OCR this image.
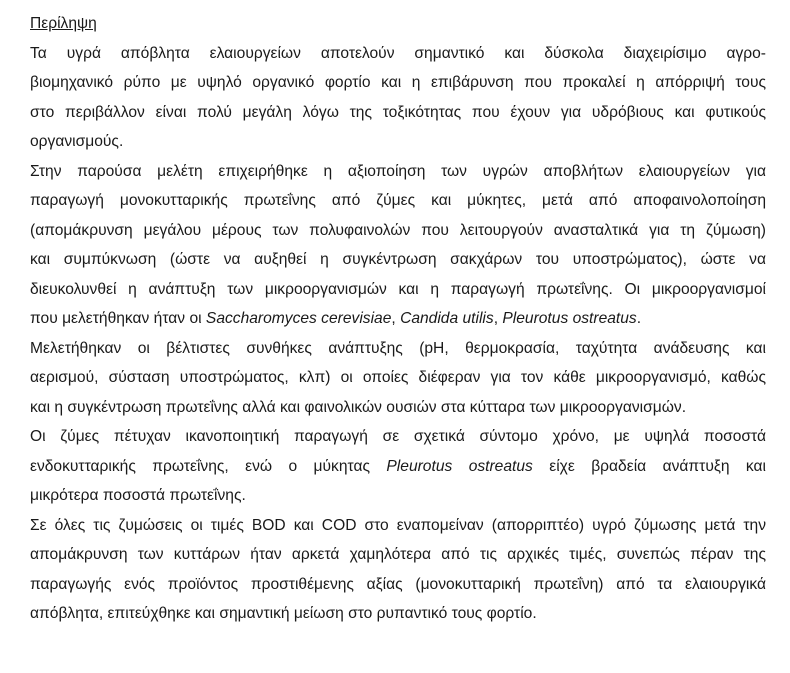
Περίληψη

Τα υγρά απόβλητα ελαιουργείων αποτελούν σημαντικό και δύσκολα διαχειρίσιμο αγρο-
βιομηχανικό ρύπο με υψηλό οργανικό φορτίο και η επιβάρυνση που προκαλεί η απόρριψή τους
στο περιβάλλον είναι πολύ μεγάλη λόγω της τοξικότητας που έχουν για υδρόβιους και φυτικούς
οργανισμούς.

Στην παρούσα μελέτη επιχειρήθηκε η αξιοποίηση των υγρών αποβλήτων ελαιουργείων για
παραγωγή μονοκυτταρικής πρωτεΐνης από ζύμες και μύκητες, μετά από αποφαινολοποίηση
(απομάκρυνση μεγάλου μέρους των πολυφαινολών που λειτουργούν ανασταλτικά για τη ζύμωση)
και συμπύκνωση (ώστε να αυξηθεί η συγκέντρωση σακχάρων του υποστρώματος), ώστε να
διευκολυνθεί η ανάπτυξη των μικροοργανισμών και η παραγωγή πρωτεΐνης. Οι μικροοργανισμοί
που μελετήθηκαν ήταν οι Saccharomyces cerevisiae, Candida utilis, Pleurotus ostreatus.

Μελετήθηκαν οι βέλτιστες συνθήκες ανάπτυξης (pH, θερμοκρασία, ταχύτητα ανάδευσης και
αερισμού, σύσταση υποστρώματος, κλπ) οι οποίες διέφεραν για τον κάθε μικροοργανισμό, καθώς
και η συγκέντρωση πρωτεΐνης αλλά και φαινολικών ουσιών στα κύτταρα των μικροοργανισμών.

Οι ζύμες πέτυχαν ικανοποιητική παραγωγή σε σχετικά σύντομο χρόνο, με υψηλά ποσοστά
ενδοκυτταρικής πρωτεΐνης, ενώ ο μύκητας Pleurotus ostreatus είχε βραδεία ανάπτυξη και
μικρότερα ποσοστά πρωτεΐνης.

Σε όλες τις ζυμώσεις οι τιμές BOD και COD στο εναπομείναν (απορριπτέο) υγρό ζύμωσης μετά την
απομάκρυνση των κυττάρων ήταν αρκετά χαμηλότερα από τις αρχικές τιμές, συνεπώς πέραν της
παραγωγής ενός προϊόντος προστιθέμενης αξίας (μονοκυτταρική πρωτεΐνη) από τα ελαιουργικά
απόβλητα, επιτεύχθηκε και σημαντική μείωση στο ρυπαντικό τους φορτίο.
